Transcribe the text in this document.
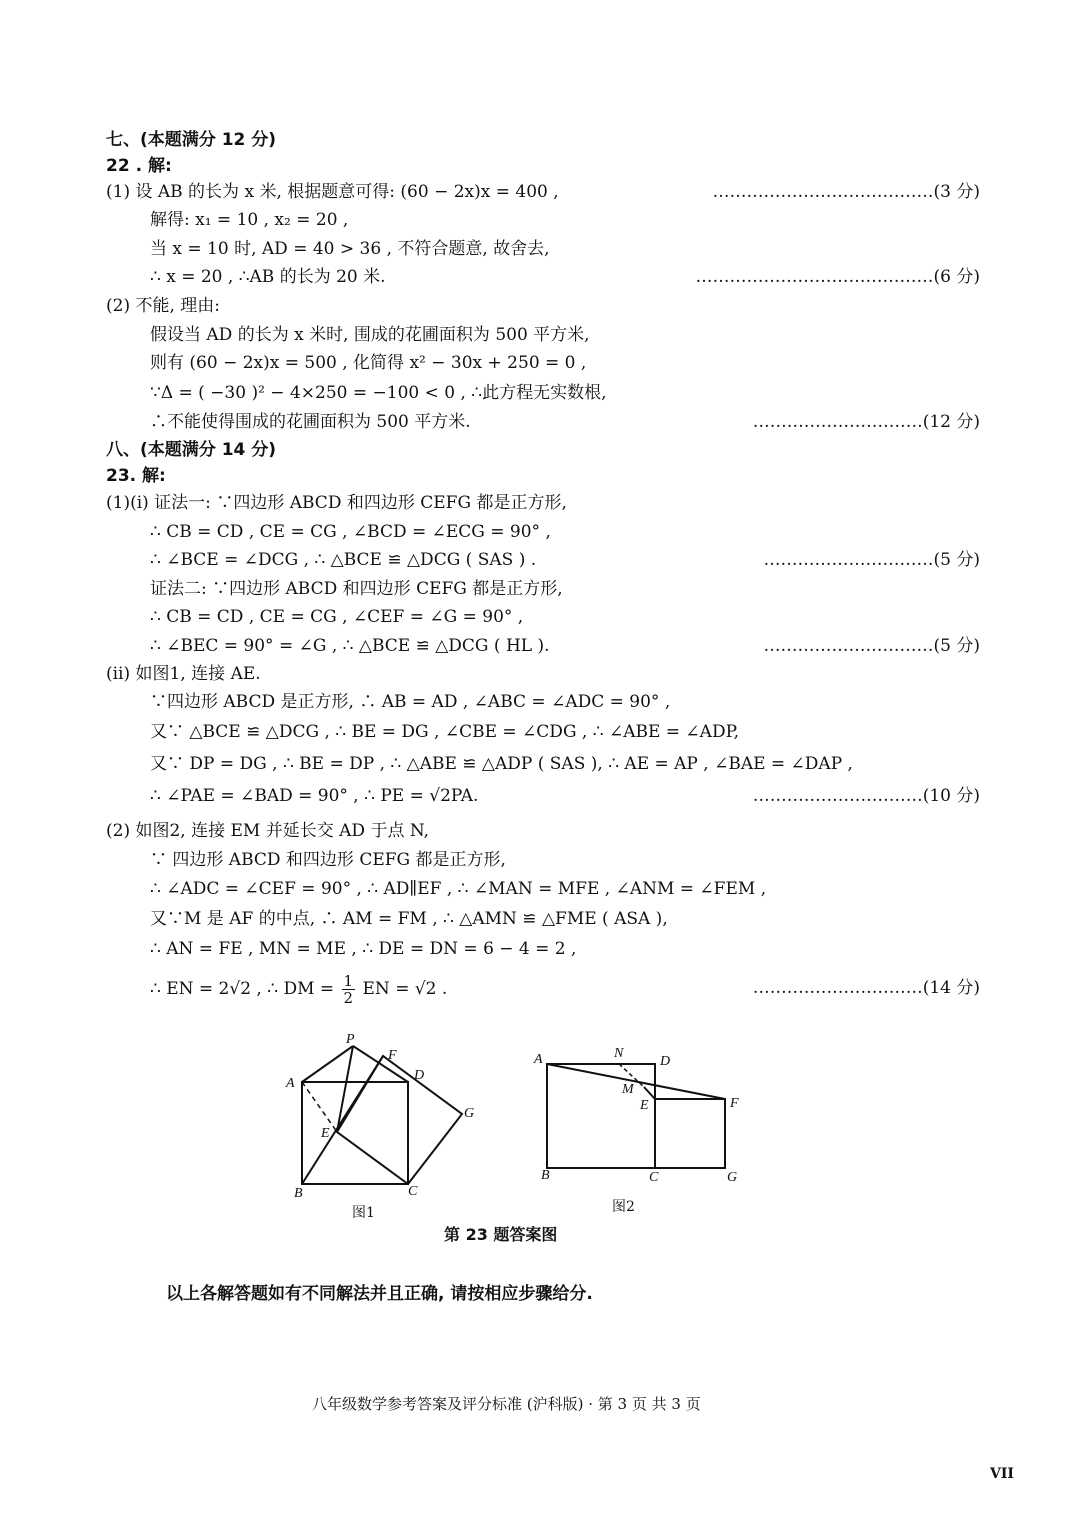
七、(本题满分 12 分)
22 . 解:
(1) 设 AB 的长为 x 米, 根据题意可得: (60 − 2x)x = 400 ,	…………………………………(3 分)
解得: x₁ = 10 , x₂ = 20 ,
当 x = 10 时, AD = 40 > 36 , 不符合题意, 故舍去,
∴ x = 20 , ∴AB 的长为 20 米.	……………………………………(6 分)
(2) 不能, 理由:
假设当 AD 的长为 x 米时, 围成的花圃面积为 500 平方米,
则有 (60 − 2x)x = 500 , 化简得 x² − 30x + 250 = 0 ,
∵Δ = ( −30 )² − 4×250 = −100 < 0 , ∴此方程无实数根,
∴不能使得围成的花圃面积为 500 平方米.	…………………………(12 分)
八、(本题满分 14 分)
23. 解:
(1)(ⅰ) 证法一: ∵四边形 ABCD 和四边形 CEFG 都是正方形,
∴ CB = CD , CE = CG , ∠BCD = ∠ECG = 90° ,
∴ ∠BCE = ∠DCG , ∴ △BCE ≌ △DCG ( SAS ) .	…………………………(5 分)
证法二: ∵四边形 ABCD 和四边形 CEFG 都是正方形,
∴ CB = CD , CE = CG , ∠CEF = ∠G = 90° ,
∴ ∠BEC = 90° = ∠G , ∴ △BCE ≌ △DCG ( HL ).	…………………………(5 分)
(ⅱ) 如图1, 连接 AE.
∵四边形 ABCD 是正方形, ∴ AB = AD , ∠ABC = ∠ADC = 90° ,
又∵ △BCE ≌ △DCG , ∴ BE = DG , ∠CBE = ∠CDG , ∴ ∠ABE = ∠ADP,
又∵ DP = DG , ∴ BE = DP , ∴ △ABE ≌ △ADP ( SAS ), ∴ AE = AP , ∠BAE = ∠DAP ,
∴ ∠PAE = ∠BAD = 90° , ∴ PE = √2PA.	…………………………(10 分)
(2) 如图2, 连接 EM 并延长交 AD 于点 N,
∵ 四边形 ABCD 和四边形 CEFG 都是正方形,
∴ ∠ADC = ∠CEF = 90° , ∴ AD∥EF , ∴ ∠MAN = MFE , ∠ANM = ∠FEM ,
又∵M 是 AF 的中点, ∴ AM = FM , ∴ △AMN ≌ △FME ( ASA ),
∴ AN = FE , MN = ME , ∴ DE = DN = 6 − 4 = 2 ,
∴ EN = 2√2 , ∴ DM = $\frac{1}{2}$ EN = √2 .	…………………………(14 分)
P
F
A
D
G
E
B	C
图1
A	N
D
M
E	F
B	C	G
图2
第 23 题答案图
以上各解答题如有不同解法并且正确, 请按相应步骤给分.
八年级数学参考答案及评分标准 (沪科版) · 第 3 页 共 3 页
VII
